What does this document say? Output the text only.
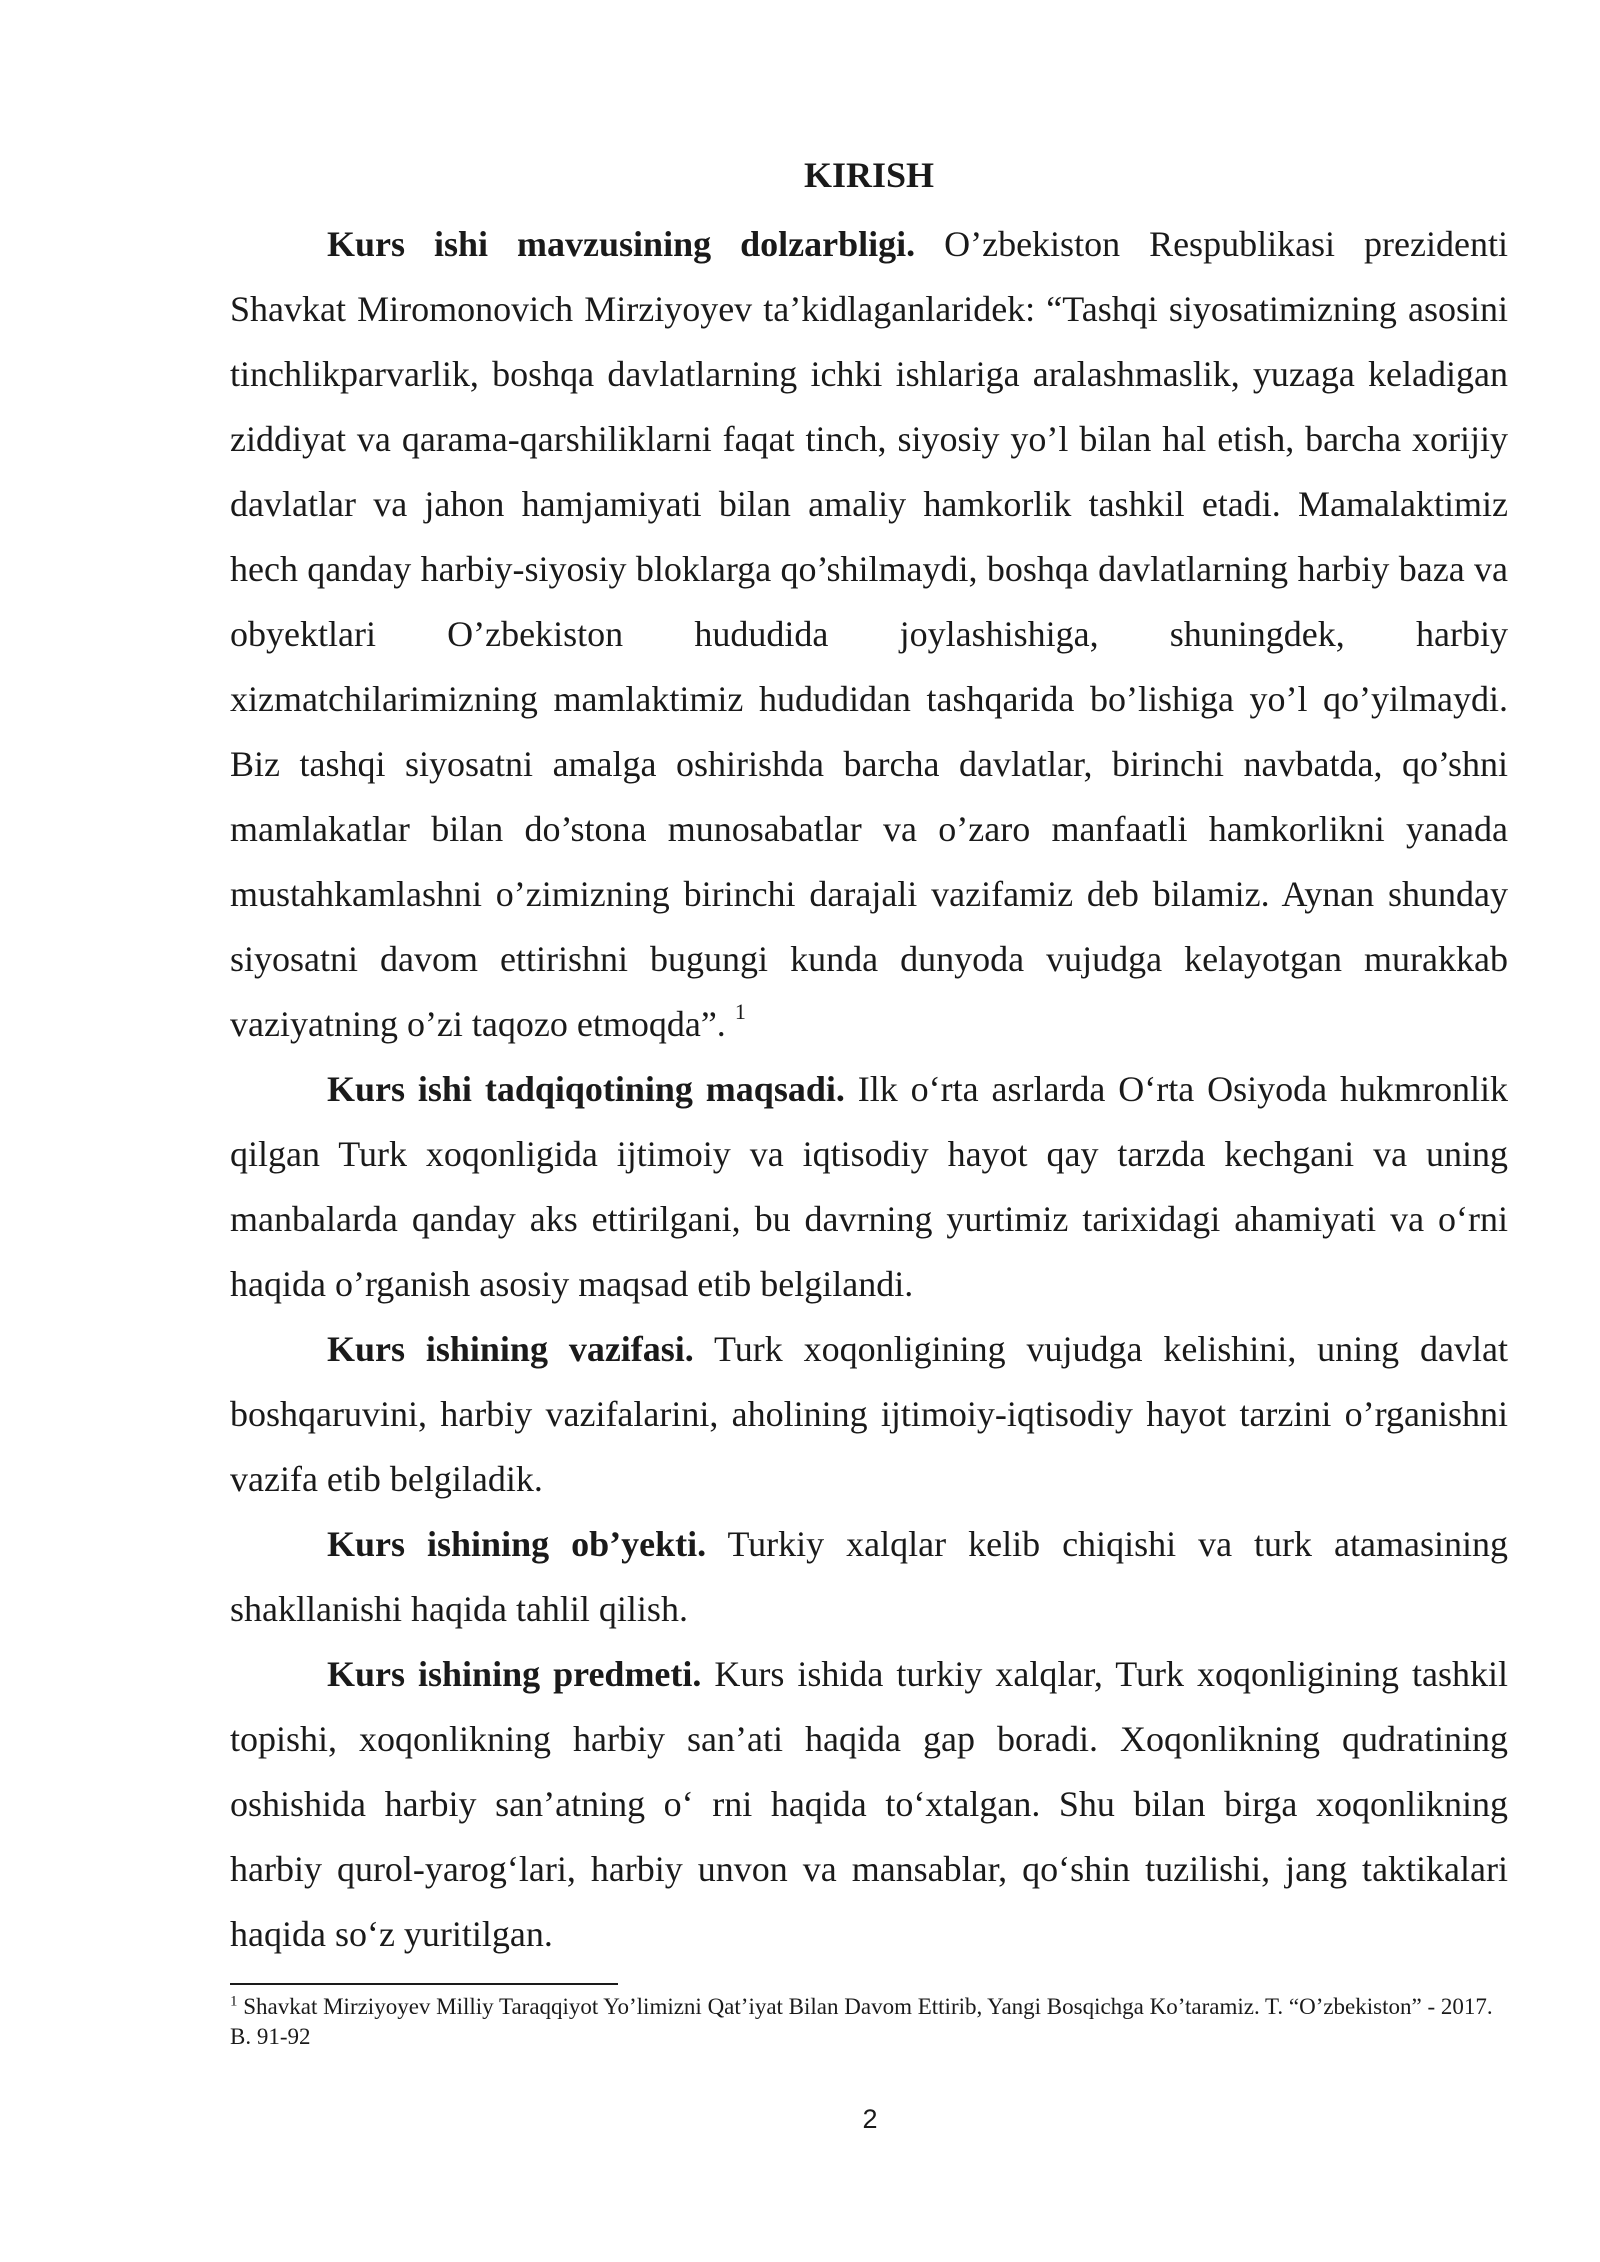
KIRISH

Kurs ishi mavzusining dolzarbligi. O’zbekiston Respublikasi prezidenti Shavkat Miromonovich Mirziyoyev ta’kidlaganlaridek: “Tashqi siyosatimizning asosini tinchlikparvarlik, boshqa davlatlarning ichki ishlariga aralashmaslik, yuzaga keladigan ziddiyat va qarama-qarshiliklarni faqat tinch, siyosiy yo’l bilan hal etish, barcha xorijiy davlatlar va jahon hamjamiyati bilan amaliy hamkorlik tashkil etadi. Mamalaktimiz hech qanday harbiy-siyosiy bloklarga qo’shilmaydi, boshqa davlatlarning harbiy baza va obyektlari O’zbekiston hududida joylashishiga, shuningdek, harbiy xizmatchilarimizning mamlaktimiz hududidan tashqarida bo’lishiga yo’l qo’yilmaydi. Biz tashqi siyosatni amalga oshirishda barcha davlatlar, birinchi navbatda, qo’shni mamlakatlar bilan do’stona munosabatlar va o’zaro manfaatli hamkorlikni yanada mustahkamlashni o’zimizning birinchi darajali vazifamiz deb bilamiz. Aynan shunday siyosatni davom ettirishni bugungi kunda dunyoda vujudga kelayotgan murakkab vaziyatning o’zi taqozo etmoqda”. $^1$

Kurs ishi tadqiqotining maqsadi. Ilk o‘rta asrlarda O‘rta Osiyoda hukmronlik qilgan Turk xoqonligida ijtimoiy va iqtisodiy hayot qay tarzda kechgani va uning manbalarda qanday aks ettirilgani, bu davrning yurtimiz tarixidagi ahamiyati va o‘rni haqida o’rganish asosiy maqsad etib belgilandi.

Kurs ishining vazifasi. Turk xoqonligining vujudga kelishini, uning davlat boshqaruvini, harbiy vazifalarini, aholining ijtimoiy-iqtisodiy hayot tarzini o’rganishni vazifa etib belgiladik.

Kurs ishining ob’yekti. Turkiy xalqlar kelib chiqishi va turk atamasining shakllanishi haqida tahlil qilish.

Kurs ishining predmeti. Kurs ishida turkiy xalqlar, Turk xoqonligining tashkil topishi, xoqonlikning harbiy san’ati haqida gap boradi. Xoqonlikning qudratining oshishida harbiy san’atning o‘ rni haqida to‘xtalgan. Shu bilan birga xoqonlikning harbiy qurol-yarog‘lari, harbiy unvon va mansablar, qo‘shin tuzilishi, jang taktikalari haqida so‘z yuritilgan.

$^1$ Shavkat Mirziyoyev Milliy Taraqqiyot Yo’limizni Qat’iyat Bilan Davom Ettirib, Yangi Bosqichga Ko’taramiz. T. “O’zbekiston” - 2017. B. 91-92
2
